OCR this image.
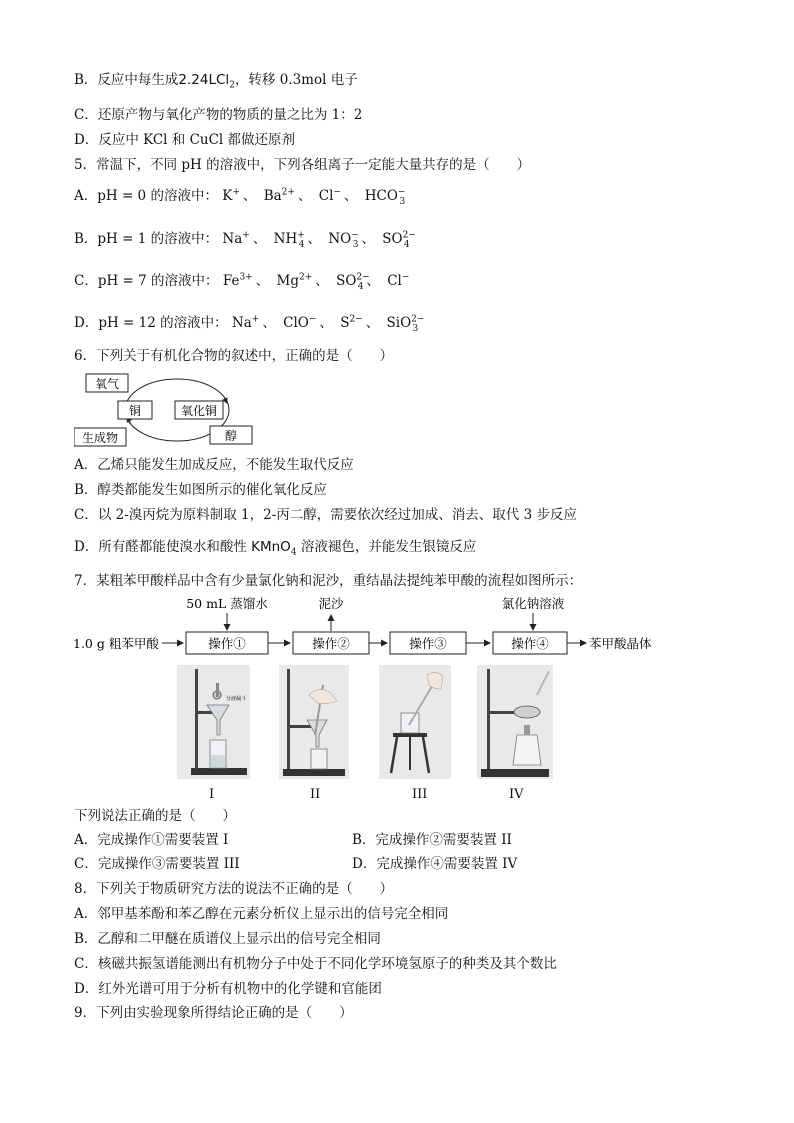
B．反应中每生成2.24LCl$_2$，转移 0.3mol 电子
C．还原产物与氧化产物的物质的量之比为 1：2
D．反应中 KCl 和 CuCl 都做还原剂
5．常温下，不同 pH 的溶液中，下列各组离子一定能大量共存的是（　　）
A．pH = 0 的溶液中： K+ 、 $Ba^{2+}$ 、 Cl− 、 $HCO^-_3$
B．pH = 1 的溶液中： Na+ 、 $NH^+_4$ 、 $NO^-_3$ 、 $SO^{2-}_4$
C．pH = 7 的溶液中： $Fe^{3+}$ 、 $Mg^{2+}$ 、 $SO^{2-}_4$ 、 Cl−
D．pH = 12 的溶液中： Na+ 、 ClO− 、 $S^{2-}$ 、 SiO$^{2-}_3$
6．下列关于有机化合物的叙述中，正确的是（　　）
氧气
铜	氧化铜
生成物	醇
A．乙烯只能发生加成反应，不能发生取代反应
B．醇类都能发生如图所示的催化氧化反应
C．以 2-溴丙烷为原料制取 1，2-丙二醇，需要依次经过加成、消去、取代 3 步反应
D．所有醛都能使溴水和酸性 KMnO$_4$ 溶液褪色，并能发生银镜反应
7．某粗苯甲酸样品中含有少量氯化钠和泥沙，重结晶法提纯苯甲酸的流程如图所示：
50 mL 蒸馏水	泥沙	氯化钠溶液
1.0 g 粗苯甲酸	操作①	操作②	操作③	操作④	苯甲酸晶体
分液漏斗
I	II	III	IV
下列说法正确的是（　　）
A．完成操作①需要装置 I	B．完成操作②需要装置 II
C．完成操作③需要装置 III	D．完成操作④需要装置 IV
8．下列关于物质研究方法的说法不正确的是（　　）
A．邻甲基苯酚和苯乙醇在元素分析仪上显示出的信号完全相同
B．乙醇和二甲醚在质谱仪上显示出的信号完全相同
C．核磁共振氢谱能测出有机物分子中处于不同化学环境氢原子的种类及其个数比
D．红外光谱可用于分析有机物中的化学键和官能团
9．下列由实验现象所得结论正确的是（　　）
